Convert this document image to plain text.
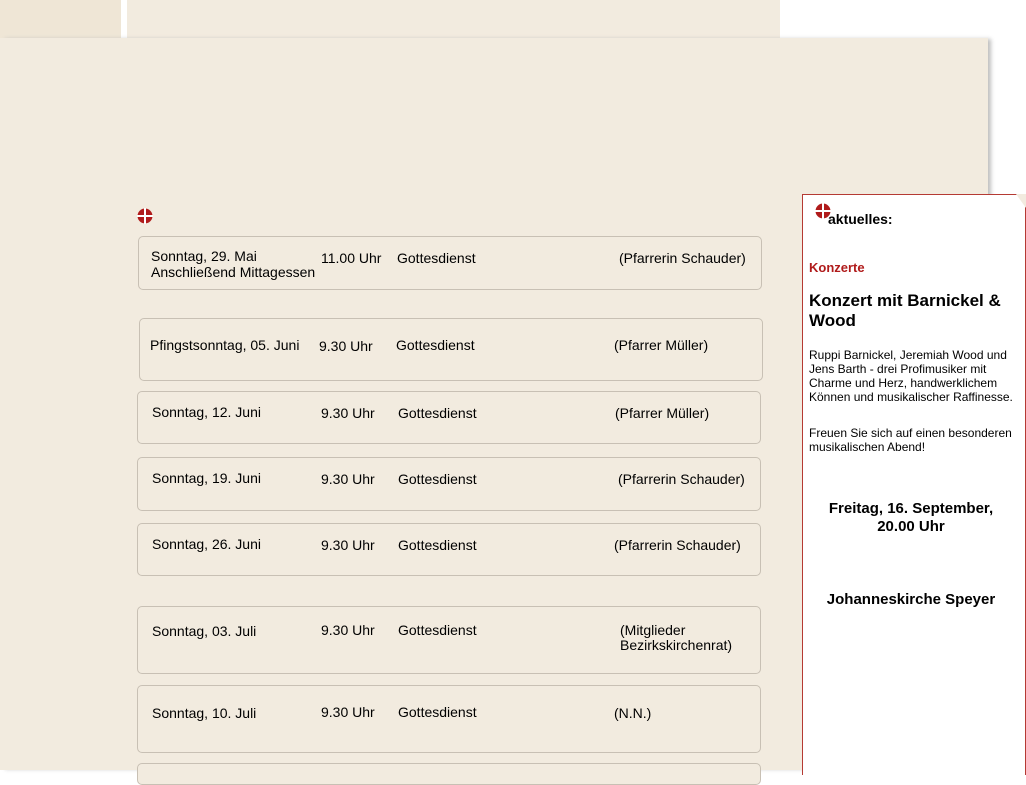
Sonntag, 29. Mai	11.00 Uhr Gottesdienst	(Pfarrerin Schauder)
Anschließend Mittagessen
Pfingstsonntag, 05. Juni 9.30 Uhr Gottesdienst	(Pfarrer Müller)
Sonntag, 12. Juni	9.30 Uhr Gottesdienst	(Pfarrer Müller)
Sonntag, 19. Juni	9.30 Uhr Gottesdienst	(Pfarrerin Schauder)
Sonntag, 26. Juni	9.30 Uhr Gottesdienst	(Pfarrerin Schauder)
Sonntag, 03. Juli	9.30 Uhr Gottesdienst	(Mitglieder
Bezirkskirchenrat)
Sonntag, 10. Juli	9.30 Uhr Gottesdienst	(N.N.)
aktuelles:
Konzerte
Konzert mit Barnickel & Wood
Ruppi Barnickel, Jeremiah Wood und Jens Barth - drei Profimusiker mit Charme und Herz, handwerklichem Können und musikalischer Raffinesse.
Freuen Sie sich auf einen besonderen musikalischen Abend!
Freitag, 16. September, 20.00 Uhr
Johanneskirche Speyer
